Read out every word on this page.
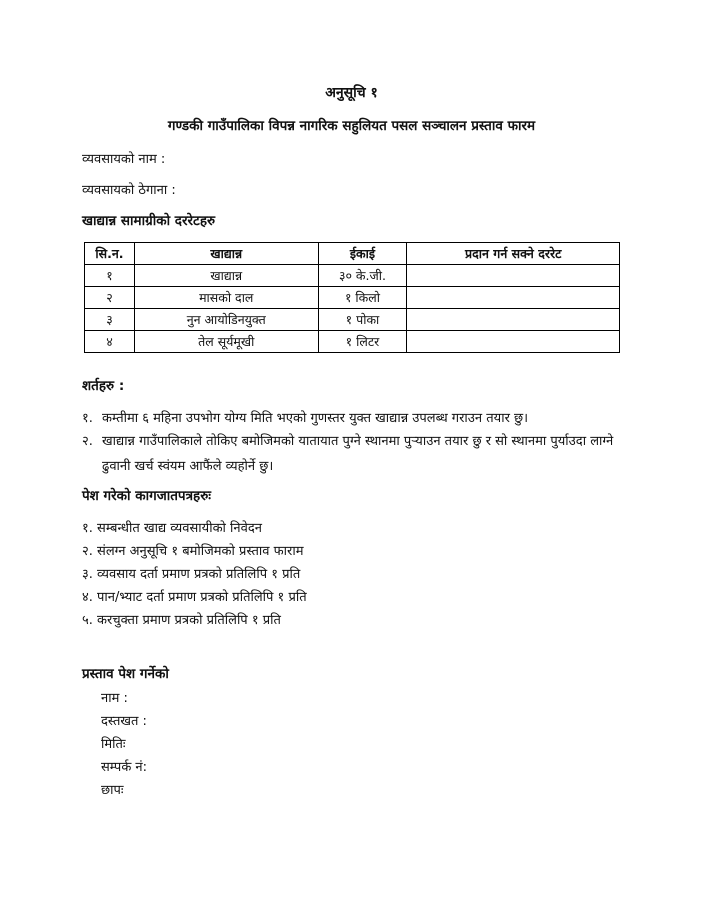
अनुसूचि १
गण्डकी गाउँपालिका विपन्न नागरिक सहुलियत पसल सञ्चालन प्रस्ताव फारम
व्यवसायको नाम :
व्यवसायको ठेगाना :
खाद्यान्न सामाग्रीको दररेटहरु
सि.न.	खाद्यान्न	ईकाई	प्रदान गर्न सक्ने दररेट
१	खाद्यान्न	३० के.जी.	
२	मासको दाल	१ किलो	
३	नुन आयोडिनयुक्त	१ पोका	
४	तेल सूर्यमूखी	१ लिटर	
शर्तहरु :
१. कम्तीमा ६ महिना उपभोग योग्य मिति भएको गुणस्तर युक्त खाद्यान्न उपलब्ध गराउन तयार छु।
२. खाद्यान्न गाउँपालिकाले तोकिए बमोजिमको यातायात पुग्ने स्थानमा पुऱ्याउन तयार छु र सो स्थानमा पुर्याउदा लाग्ने ढुवानी खर्च स्वंयम आफैंले व्यहोर्ने छु।
पेश गरेको कागजातपत्रहरुः
१. सम्बन्धीत खाद्य व्यवसायीको निवेदन
२. संलग्न अनुसूचि १ बमोजिमको प्रस्ताव फाराम
३. व्यवसाय दर्ता प्रमाण प्रत्रको प्रतिलिपि १ प्रति
४. पान/भ्याट दर्ता प्रमाण प्रत्रको प्रतिलिपि १ प्रति
५. करचुक्ता प्रमाण प्रत्रको प्रतिलिपि १ प्रति
प्रस्ताव पेश गर्नेको
नाम :
दस्तखत :
मितिः
सम्पर्क नं:
छापः
